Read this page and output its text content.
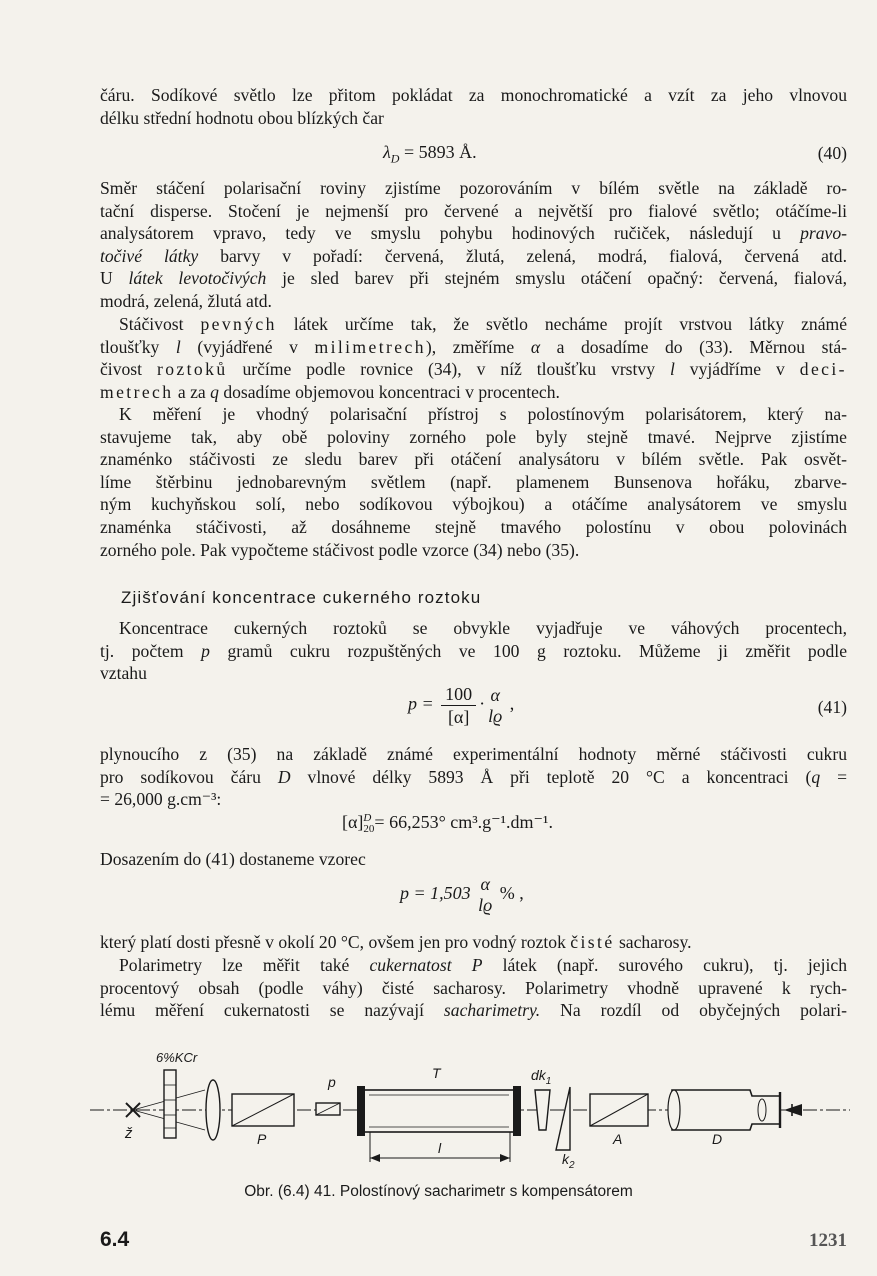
čáru. Sodíkové světlo lze přitom pokládat za monochromatické a vzít za jeho vlnovou
délku střední hodnotu obou blízkých čar
$\lambda_D = 5893$ Å.	(40)
Směr stáčení polarisační roviny zjistíme pozorováním v bílém světle na základě ro-
tační disperse. Stočení je nejmenší pro červené a největší pro fialové světlo; otáčíme-li
analysátorem vpravo, tedy ve smyslu pohybu hodinových ručiček, následují u pravo-
točivé látky barvy v pořadí: červená, žlutá, zelená, modrá, fialová, červená atd.
U látek levotočivých je sled barev při stejném smyslu otáčení opačný: červená, fialová,
modrá, zelená, žlutá atd.
Stáčivost pevných látek určíme tak, že světlo necháme projít vrstvou látky známé
tloušťky l (vyjádřené v milimetrech), změříme α a dosadíme do (33). Měrnou stá-
čivost roztoků určíme podle rovnice (34), v níž tloušťku vrstvy l vyjádříme v deci-
metrech a za q dosadíme objemovou koncentraci v procentech.
K měření je vhodný polarisační přístroj s polostínovým polarisátorem, který na-
stavujeme tak, aby obě poloviny zorného pole byly stejně tmavé. Nejprve zjistíme
znaménko stáčivosti ze sledu barev při otáčení analysátoru v bílém světle. Pak osvět-
líme štěrbinu jednobarevným světlem (např. plamenem Bunsenova hořáku, zbarve-
ným kuchyňskou solí, nebo sodíkovou výbojkou) a otáčíme analysátorem ve smyslu
znaménka stáčivosti, až dosáhneme stejně tmavého polostínu v obou polovinách
zorného pole. Pak vypočteme stáčivost podle vzorce (34) nebo (35).
Zjišťování koncentrace cukerného roztoku
Koncentrace cukerných roztoků se obvykle vyjadřuje ve váhových procentech,
tj. počtem p gramů cukru rozpuštěných ve 100 g roztoku. Můžeme ji změřit podle
vztahu
$p = \frac{100}{[\alpha]} \cdot \alpha$
lϱ
,	(41)
plynoucího z (35) na základě známé experimentální hodnoty měrné stáčivosti cukru
pro sodíkovou čáru D vlnové délky 5893 Å při teplotě 20 °C a koncentraci (q =
= 26,000 g.cm⁻³:
[α] D
20 = 66,253° cm³.g⁻¹.dm⁻¹.
Dosazením do (41) dostaneme vzorec
p = 1,503 α
lϱ
% ,
který platí dosti přesně v okolí 20 °C, ovšem jen pro vodný roztok čisté sacharosy.
Polarimetry lze měřit také cukernatost P látek (např. surového cukru), tj. jejich
procentový obsah (podle váhy) čisté sacharosy. Polarimetry vhodně upravené k rych-
lému měření cukernatosti se nazývají sacharimetry. Na rozdíl od obyčejných polari-
ž
6%KCr
P
p
T
l
$dk_1$
$k_2$
A	D
Obr. (6.4) 41. Polostínový sacharimetr s kompensátorem
6.4	1231
